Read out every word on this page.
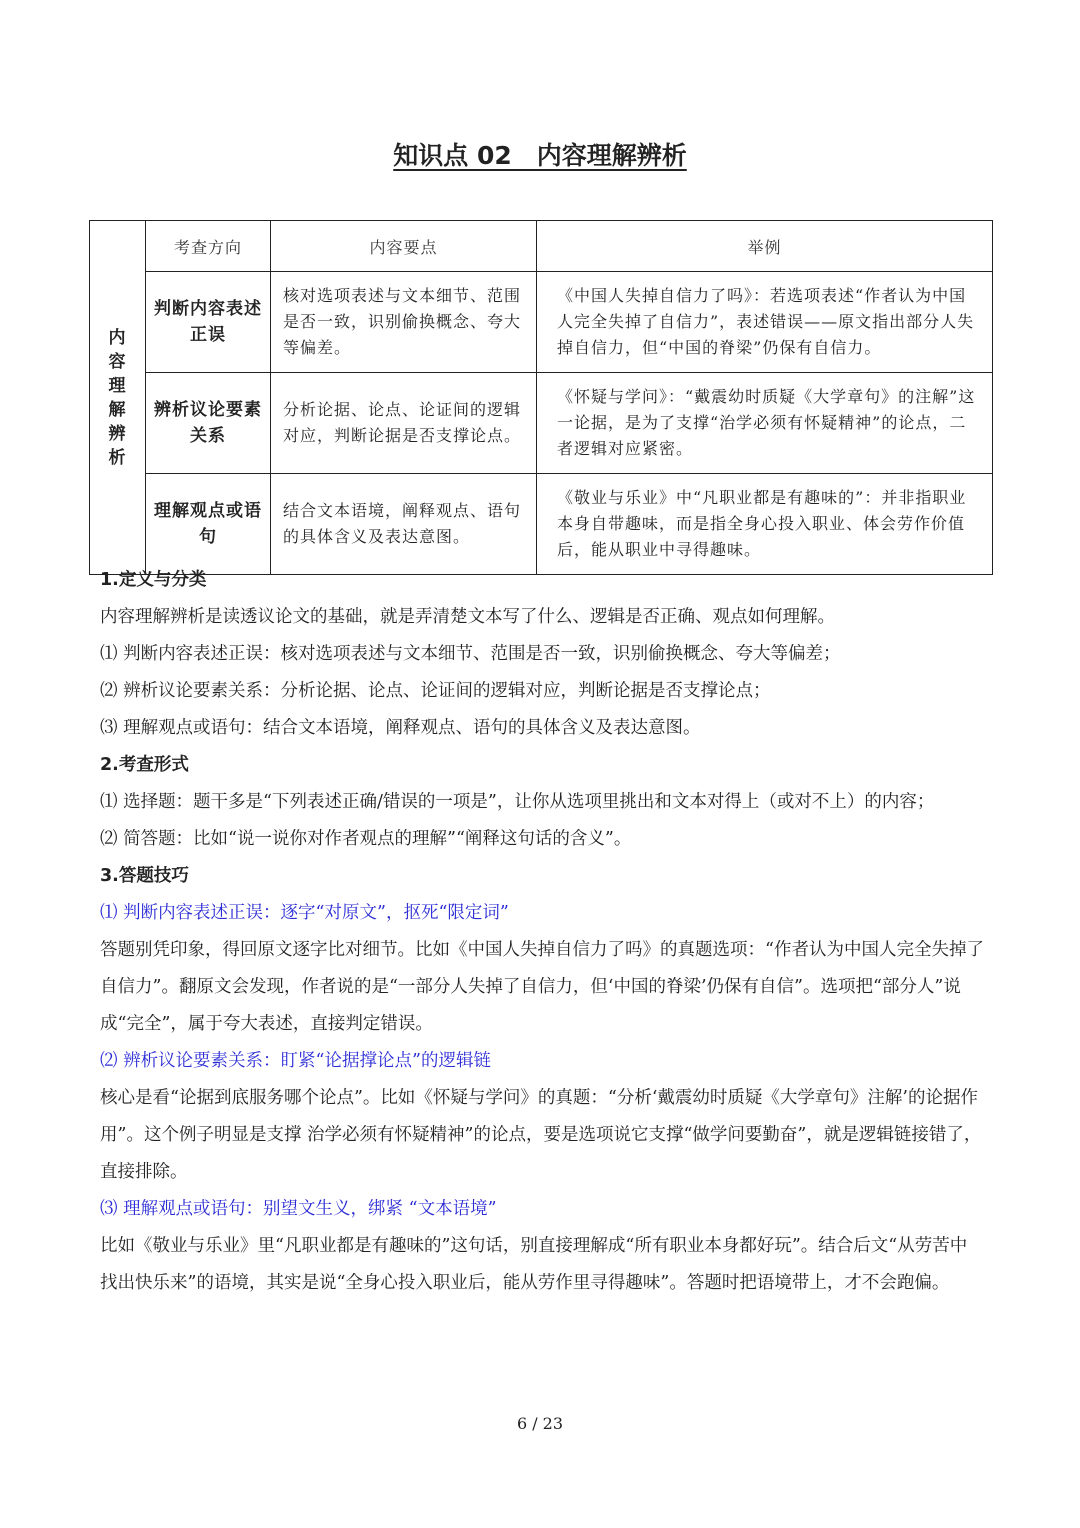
知识点 02　内容理解辨析
内容理解辨析	考查方向	内容要点	举例
	判断内容表述正误	核对选项表述与文本细节、范围是否一致，识别偷换概念、夸大等偏差。	《中国人失掉自信力了吗》：若选项表述“作者认为中国人完全失掉了自信力”，表述错误——原文指出部分人失掉自信力，但“中国的脊梁”仍保有自信力。
	辨析议论要素关系	分析论据、论点、论证间的逻辑对应，判断论据是否支撑论点。	《怀疑与学问》：“戴震幼时质疑《大学章句》的注解”这一论据，是为了支撑“治学必须有怀疑精神”的论点，二者逻辑对应紧密。
	理解观点或语句	结合文本语境，阐释观点、语句的具体含义及表达意图。	《敬业与乐业》中“凡职业都是有趣味的”：并非指职业本身自带趣味，而是指全身心投入职业、体会劳作价值后，能从职业中寻得趣味。

1.定义与分类

内容理解辨析是读透议论文的基础，就是弄清楚文本写了什么、逻辑是否正确、观点如何理解。

⑴ 判断内容表述正误：核对选项表述与文本细节、范围是否一致，识别偷换概念、夸大等偏差；

⑵ 辨析议论要素关系：分析论据、论点、论证间的逻辑对应，判断论据是否支撑论点；

⑶ 理解观点或语句：结合文本语境，阐释观点、语句的具体含义及表达意图。

2.考查形式

⑴ 选择题：题干多是“下列表述正确/错误的一项是”，让你从选项里挑出和文本对得上（或对不上）的内容；

⑵ 简答题：比如“说一说你对作者观点的理解”“阐释这句话的含义”。

3.答题技巧

⑴ 判断内容表述正误：逐字“对原文”，抠死“限定词”

答题别凭印象，得回原文逐字比对细节。比如《中国人失掉自信力了吗》的真题选项：“作者认为中国人完全失掉了自信力”。翻原文会发现，作者说的是“一部分人失掉了自信力，但‘中国的脊梁’仍保有自信”。选项把“部分人”说成“完全”，属于夸大表述，直接判定错误。

⑵ 辨析议论要素关系：盯紧“论据撑论点”的逻辑链

核心是看“论据到底服务哪个论点”。比如《怀疑与学问》的真题：“分析‘戴震幼时质疑《大学章句》注解’的论据作用”。这个例子明显是支撑 治学必须有怀疑精神”的论点，要是选项说它支撑“做学问要勤奋”，就是逻辑链接错了，直接排除。

⑶ 理解观点或语句：别望文生义，绑紧 “文本语境”

比如《敬业与乐业》里“凡职业都是有趣味的”这句话，别直接理解成“所有职业本身都好玩”。结合后文“从劳苦中找出快乐来”的语境，其实是说“全身心投入职业后，能从劳作里寻得趣味”。答题时把语境带上，才不会跑偏。

6 / 23
